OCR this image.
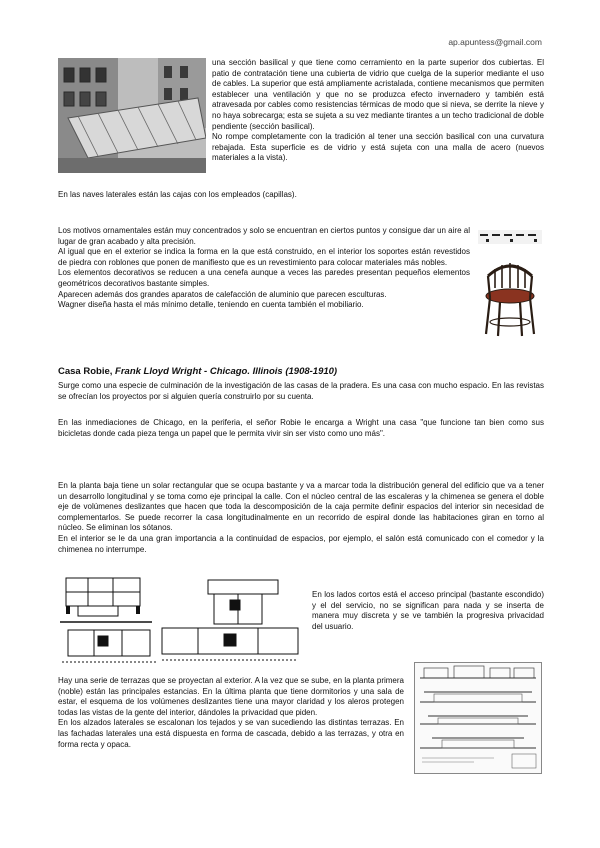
ap.apuntess@gmail.com

una sección basilical y que tiene como cerramiento en la parte superior dos cubiertas. El patio de contratación tiene una cubierta de vidrio que cuelga de la superior mediante el uso de cables. La superior que está ampliamente acristalada, contiene mecanismos que permiten establecer una ventilación y que no se produzca efecto invernadero y también está atravesada por cables como resistencias térmicas de modo que si nieva, se derrite la nieve y no haya sobrecarga; esta se sujeta a su vez mediante tirantes a un techo tradicional de doble pendiente (sección basilical).

No rompe completamente con la tradición al tener una sección basilical con una curvatura rebajada. Esta superficie es de vidrio y está sujeta con una malla de acero (nuevos materiales a la vista).

En las naves laterales están las cajas con los empleados (capillas).

Los motivos ornamentales están muy concentrados y solo se encuentran en ciertos puntos y consigue dar un aire al lugar de gran acabado y alta precisión.

Al igual que en el exterior se indica la forma en la que está construido, en el interior los soportes están revestidos de piedra con roblones que ponen de manifiesto que es un revestimiento para colocar materiales más nobles.

Los elementos decorativos se reducen a una cenefa aunque a veces las paredes presentan pequeños elementos geométricos decorativos bastante simples.

Aparecen además dos grandes aparatos de calefacción de aluminio que parecen esculturas.

Wagner diseña hasta el más mínimo detalle, teniendo en cuenta también el mobiliario.

Casa Robie, Frank Lloyd Wright - Chicago. Illinois (1908-1910)

Surge como una especie de culminación de la investigación de las casas de la pradera. Es una casa con mucho espacio. En las revistas se ofrecían los proyectos por si alguien quería construirlo por su cuenta.

En las inmediaciones de Chicago, en la periferia, el señor Robie le encarga a Wright una casa "que funcione tan bien como sus bicicletas donde cada pieza tenga un papel que le permita vivir sin ser visto como uno más".

En la planta baja tiene un solar rectangular que se ocupa bastante y va a marcar toda la distribución general del edificio que va a tener un desarrollo longitudinal y se toma como eje principal la calle. Con el núcleo central de las escaleras y la chimenea se genera el doble eje de volúmenes deslizantes que hacen que toda la descomposición de la caja permite definir espacios del interior sin necesidad de complementarlos. Se puede recorrer la casa longitudinalmente en un recorrido de espiral donde las habitaciones giran en torno al núcleo. Se eliminan los sótanos.

En el interior se le da una gran importancia a la continuidad de espacios, por ejemplo, el salón está comunicado con el comedor y la chimenea no interrumpe.

En los lados cortos está el acceso principal (bastante escondido) y el del servicio, no se significan para nada y se inserta de manera muy discreta y se ve también la progresiva privacidad del usuario.

Hay una serie de terrazas que se proyectan al exterior. A la vez que se sube, en la planta primera (noble) están las principales estancias. En la última planta que tiene dormitorios y una sala de estar, el esquema de los volúmenes deslizantes tiene una mayor claridad y los aleros protegen todas las vistas de la gente del interior, dándoles la privacidad que piden.

En los alzados laterales se escalonan los tejados y se van sucediendo las distintas terrazas. En las fachadas laterales una está dispuesta en forma de cascada, debido a las terrazas, y otra en forma recta y opaca.
